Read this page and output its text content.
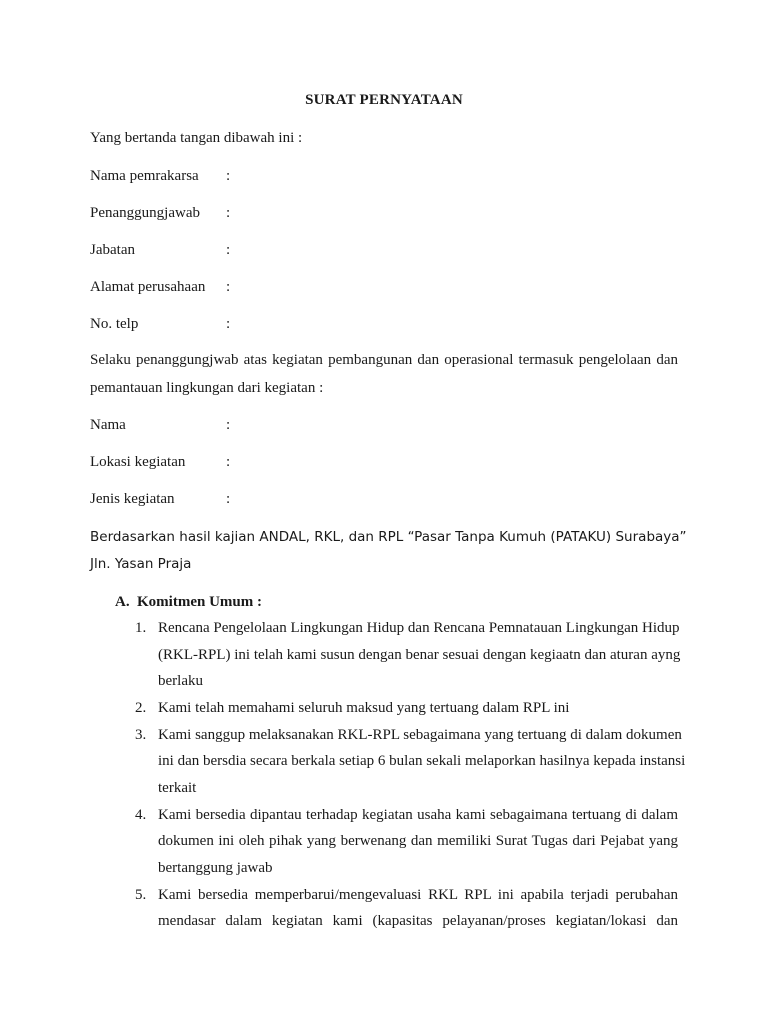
SURAT PERNYATAAN
Yang bertanda tangan dibawah ini :
Nama pemrakarsa :
Penanggungjawab :
Jabatan	:
Alamat perusahaan :
No. telp	:
Selaku penanggungjwab atas kegiatan pembangunan dan operasional termasuk pengelolaan dan
pemantauan lingkungan dari kegiatan :
Nama	:
Lokasi kegiatan	:
Jenis kegiatan	:
Berdasarkan hasil kajian ANDAL, RKL, dan RPL “Pasar Tanpa Kumuh (PATAKU) Surabaya”
Jln. Yasan Praja
A. Komitmen Umum :
1. Rencana Pengelolaan Lingkungan Hidup dan Rencana Pemnatauan Lingkungan Hidup
(RKL-RPL) ini telah kami susun dengan benar sesuai dengan kegiaatn dan aturan ayng
berlaku
2. Kami telah memahami seluruh maksud yang tertuang dalam RPL ini
3. Kami sanggup melaksanakan RKL-RPL sebagaimana yang tertuang di dalam dokumen
ini dan bersdia secara berkala setiap 6 bulan sekali melaporkan hasilnya kepada instansi
terkait
4. Kami bersedia dipantau terhadap kegiatan usaha kami sebagaimana tertuang di dalam
dokumen ini oleh pihak yang berwenang dan memiliki Surat Tugas dari Pejabat yang
bertanggung jawab
5. Kami bersedia memperbarui/mengevaluasi RKL RPL ini apabila terjadi perubahan
mendasar dalam kegiatan kami (kapasitas pelayanan/proses kegiatan/lokasi dan
